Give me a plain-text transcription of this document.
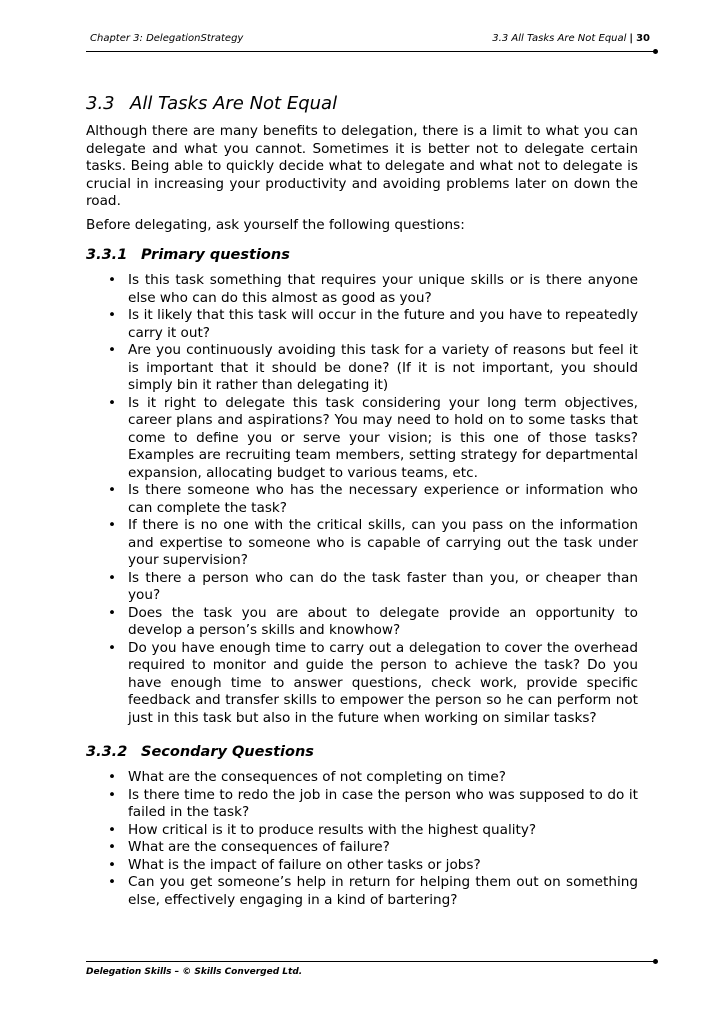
Chapter 3: DelegationStrategy	3.3 All Tasks Are Not Equal | 30
3.3 All Tasks Are Not Equal

Although there are many benefits to delegation, there is a limit to what you can delegate and what you cannot. Sometimes it is better not to delegate certain tasks. Being able to quickly decide what to delegate and what not to delegate is crucial in increasing your productivity and avoiding problems later on down the road.

Before delegating, ask yourself the following questions:

3.3.1 Primary questions
• Is this task something that requires your unique skills or is there anyone else who can do this almost as good as you?
• Is it likely that this task will occur in the future and you have to repeatedly carry it out?
• Are you continuously avoiding this task for a variety of reasons but feel it is important that it should be done? (If it is not important, you should simply bin it rather than delegating it)
• Is it right to delegate this task considering your long term objectives, career plans and aspirations? You may need to hold on to some tasks that come to define you or serve your vision; is this one of those tasks? Examples are recruiting team members, setting strategy for departmental expansion, allocating budget to various teams, etc.
• Is there someone who has the necessary experience or information who can complete the task?
• If there is no one with the critical skills, can you pass on the information and expertise to someone who is capable of carrying out the task under your supervision?
• Is there a person who can do the task faster than you, or cheaper than you?
• Does the task you are about to delegate provide an opportunity to develop a person’s skills and knowhow?
• Do you have enough time to carry out a delegation to cover the overhead required to monitor and guide the person to achieve the task? Do you have enough time to answer questions, check work, provide specific feedback and transfer skills to empower the person so he can perform not just in this task but also in the future when working on similar tasks?
3.3.2 Secondary Questions
• What are the consequences of not completing on time?
• Is there time to redo the job in case the person who was supposed to do it failed in the task?
• How critical is it to produce results with the highest quality?
• What are the consequences of failure?
• What is the impact of failure on other tasks or jobs?
• Can you get someone’s help in return for helping them out on something else, effectively engaging in a kind of bartering?
Delegation Skills – © Skills Converged Ltd.
